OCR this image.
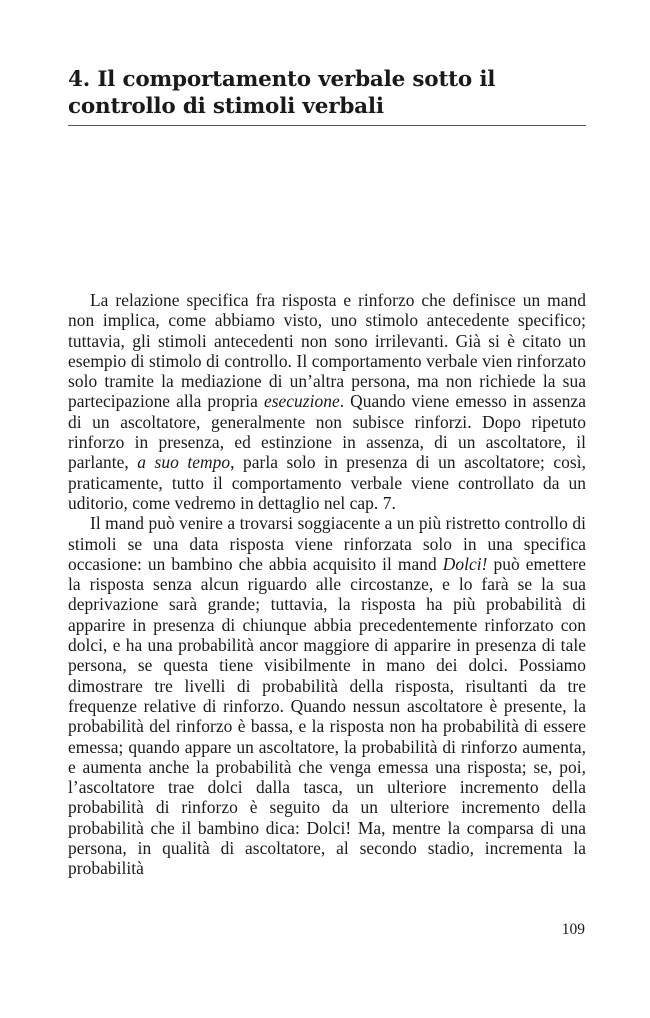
4. Il comportamento verbale sotto il controllo di stimoli verbali

La relazione specifica fra risposta e rinforzo che definisce un mand non implica, come abbiamo visto, uno stimolo antecedente specifico; tuttavia, gli stimoli antecedenti non sono irrilevanti. Già si è citato un esempio di stimolo di controllo. Il comportamento verbale vien rinforzato solo tramite la mediazione di un’altra persona, ma non richiede la sua partecipazione alla propria esecuzione. Quando viene emesso in assenza di un ascoltatore, generalmente non subisce rinforzi. Dopo ripetuto rinforzo in presenza, ed estinzione in assenza, di un ascoltatore, il parlante, a suo tempo, parla solo in presenza di un ascoltatore; così, praticamente, tutto il comportamento verbale viene controllato da un uditorio, come vedremo in dettaglio nel cap. 7.

Il mand può venire a trovarsi soggiacente a un più ristretto controllo di stimoli se una data risposta viene rinforzata solo in una specifica occasione: un bambino che abbia acquisito il mand Dolci! può emettere la risposta senza alcun riguardo alle circostanze, e lo farà se la sua deprivazione sarà grande; tuttavia, la risposta ha più probabilità di apparire in presenza di chiunque abbia precedentemente rinforzato con dolci, e ha una probabilità ancor maggiore di apparire in presenza di tale persona, se questa tiene visibilmente in mano dei dolci. Possiamo dimostrare tre livelli di probabilità della risposta, risultanti da tre frequenze relative di rinforzo. Quando nessun ascoltatore è presente, la probabilità del rinforzo è bassa, e la risposta non ha probabilità di essere emessa; quando appare un ascoltatore, la probabilità di rinforzo aumenta, e aumenta anche la probabilità che venga emessa una risposta; se, poi, l’ascoltatore trae dolci dalla tasca, un ulteriore incremento della probabilità di rinforzo è seguito da un ulteriore incremento della probabilità che il bambino dica: Dolci! Ma, mentre la comparsa di una persona, in qualità di ascoltatore, al secondo stadio, incrementa la probabilità

109
